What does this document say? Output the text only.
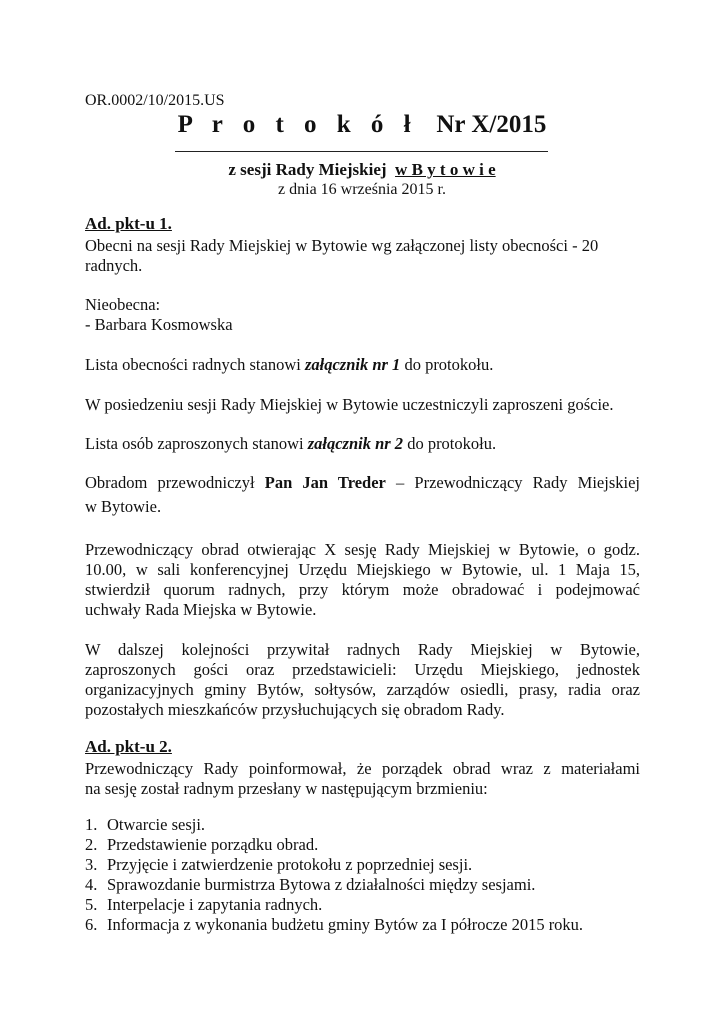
OR.0002/10/2015.US
P r o t o k ó ł Nr X/2015
z sesji Rady Miejskiej w B y t o w i e
z dnia 16 września 2015 r.
Ad. pkt-u 1.
Obecni na sesji Rady Miejskiej w Bytowie wg załączonej listy obecności - 20
radnych.
Nieobecna:
- Barbara Kosmowska
Lista obecności radnych stanowi załącznik nr 1 do protokołu.
W posiedzeniu sesji Rady Miejskiej w Bytowie uczestniczyli zaproszeni goście.
Lista osób zaproszonych stanowi załącznik nr 2 do protokołu.
Obradom przewodniczył Pan Jan Treder – Przewodniczący Rady Miejskiej
w Bytowie.
Przewodniczący obrad otwierając X sesję Rady Miejskiej w Bytowie, o godz.
10.00, w sali konferencyjnej Urzędu Miejskiego w Bytowie, ul. 1 Maja 15,
stwierdził quorum radnych, przy którym może obradować i podejmować
uchwały Rada Miejska w Bytowie.
W dalszej kolejności przywitał radnych Rady Miejskiej w Bytowie,
zaproszonych gości oraz przedstawicieli: Urzędu Miejskiego, jednostek
organizacyjnych gminy Bytów, sołtysów, zarządów osiedli, prasy, radia oraz
pozostałych mieszkańców przysłuchujących się obradom Rady.
Ad. pkt-u 2.
Przewodniczący Rady poinformował, że porządek obrad wraz z materiałami
na sesję został radnym przesłany w następującym brzmieniu:
1. Otwarcie sesji.
2. Przedstawienie porządku obrad.
3. Przyjęcie i zatwierdzenie protokołu z poprzedniej sesji.
4. Sprawozdanie burmistrza Bytowa z działalności między sesjami.
5. Interpelacje i zapytania radnych.
6. Informacja z wykonania budżetu gminy Bytów za I półrocze 2015 roku.
